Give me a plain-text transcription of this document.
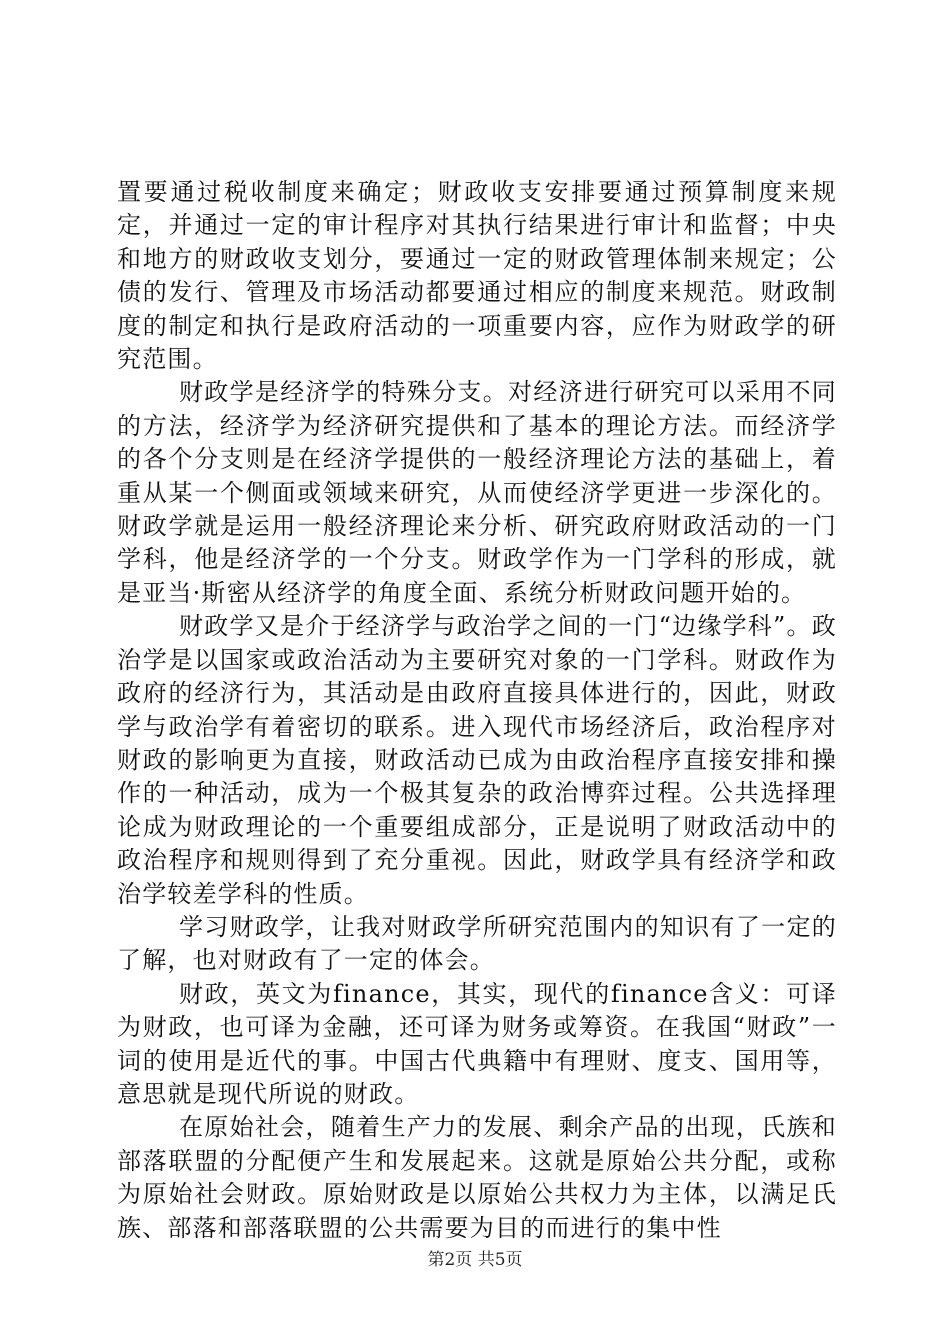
置要通过税收制度来确定；财政收支安排要通过预算制度来规定，并通过一定的审计程序对其执行结果进行审计和监督；中央和地方的财政收支划分，要通过一定的财政管理体制来规定；公债的发行、管理及市场活动都要通过相应的制度来规范。财政制度的制定和执行是政府活动的一项重要内容，应作为财政学的研究范围。

财政学是经济学的特殊分支。对经济进行研究可以采用不同的方法，经济学为经济研究提供和了基本的理论方法。而经济学的各个分支则是在经济学提供的一般经济理论方法的基础上，着重从某一个侧面或领域来研究，从而使经济学更进一步深化的。财政学就是运用一般经济理论来分析、研究政府财政活动的一门学科，他是经济学的一个分支。财政学作为一门学科的形成，就是亚当·斯密从经济学的角度全面、系统分析财政问题开始的。

财政学又是介于经济学与政治学之间的一门“边缘学科”。政治学是以国家或政治活动为主要研究对象的一门学科。财政作为政府的经济行为，其活动是由政府直接具体进行的，因此，财政学与政治学有着密切的联系。进入现代市场经济后，政治程序对财政的影响更为直接，财政活动已成为由政治程序直接安排和操作的一种活动，成为一个极其复杂的政治博弈过程。公共选择理论成为财政理论的一个重要组成部分，正是说明了财政活动中的政治程序和规则得到了充分重视。因此，财政学具有经济学和政治学较差学科的性质。

学习财政学，让我对财政学所研究范围内的知识有了一定的了解，也对财政有了一定的体会。

财政，英文为finance，其实，现代的finance含义：可译为财政，也可译为金融，还可译为财务或筹资。在我国“财政”一词的使用是近代的事。中国古代典籍中有理财、度支、国用等，意思就是现代所说的财政。

在原始社会，随着生产力的发展、剩余产品的出现，氏族和部落联盟的分配便产生和发展起来。这就是原始公共分配，或称为原始社会财政。原始财政是以原始公共权力为主体，以满足氏族、部落和部落联盟的公共需要为目的而进行的集中性

第2页 共5页
